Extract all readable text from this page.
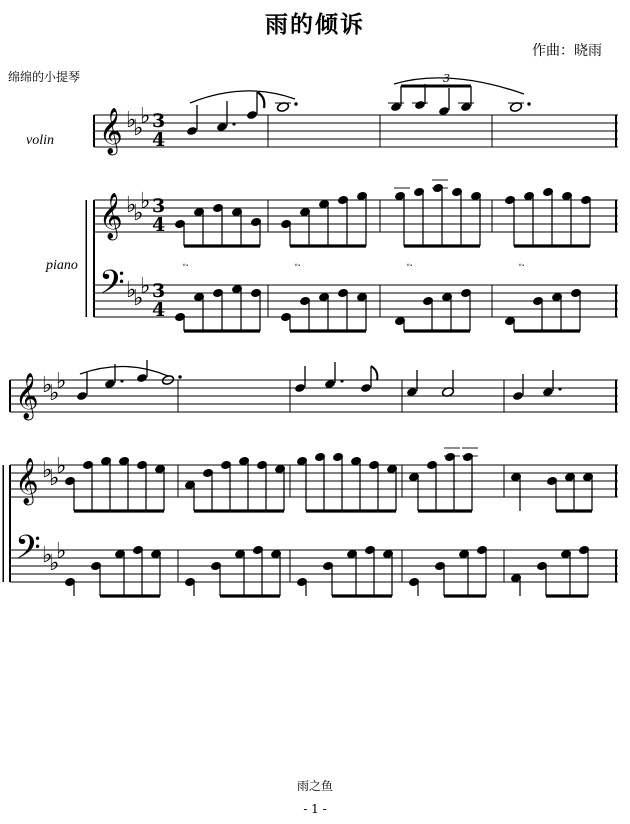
雨的倾诉
作曲：晓雨
绵绵的小提琴
volin
piano
𝄞
𝄞
𝄢
♭
♭
♭
♭
♭
♭
♭
♭
♭
3
4
3
4
3
4
3
𝅒.	𝅒.	𝅒.	𝅒.
𝄞
𝄞
𝄢
♭
♭
♭
♭
♭
♭
♭
♭
♭
雨之鱼
- 1 -
